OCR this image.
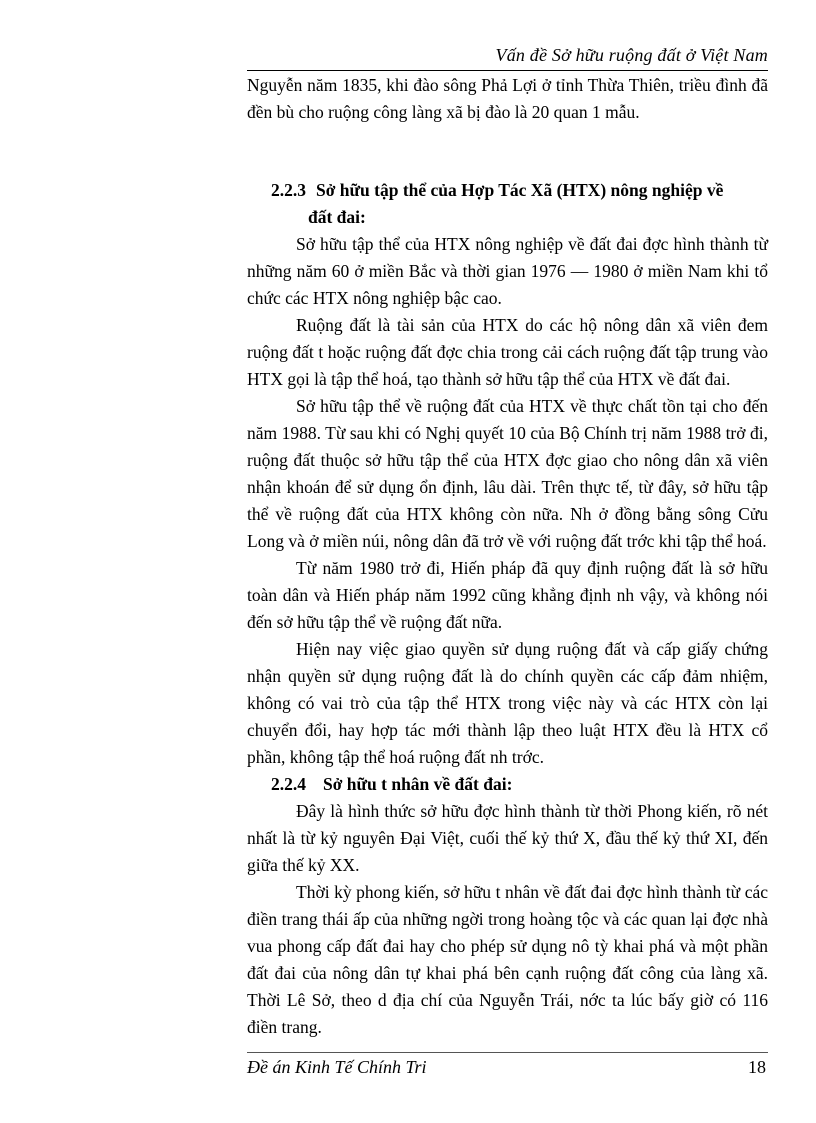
Vấn đề Sở hữu ruộng đất ở Việt Nam

Nguyễn năm 1835, khi đào sông Phả Lợi ở tỉnh Thừa Thiên, triều đình đã đền bù cho ruộng công làng xã bị đào là 20 quan 1 mẫu.

2.2.3 Sở hữu tập thể của Hợp Tác Xã (HTX) nông nghiệp về

đất đai:

Sở hữu tập thể của HTX nông nghiệp về đất đai đợc hình thành từ những năm 60 ở miền Bắc và thời gian 1976 — 1980 ở miền Nam khi tổ chức các HTX nông nghiệp bậc cao.

Ruộng đất là tài sản của HTX do các hộ nông dân xã viên đem ruộng đất t hoặc ruộng đất đợc chia trong cải cách ruộng đất tập trung vào HTX gọi là tập thể hoá, tạo thành sở hữu tập thể của HTX về đất đai.

Sở hữu tập thể về ruộng đất của HTX về thực chất tồn tại cho đến năm 1988. Từ sau khi có Nghị quyết 10 của Bộ Chính trị năm 1988 trở đi, ruộng đất thuộc sở hữu tập thể của HTX đợc giao cho nông dân xã viên nhận khoán để sử dụng ổn định, lâu dài. Trên thực tế, từ đây, sở hữu tập thể về ruộng đất của HTX không còn nữa. Nh ở đồng bằng sông Cửu Long và ở miền núi, nông dân đã trở về với ruộng đất trớc khi tập thể hoá.

Từ năm 1980 trở đi, Hiến pháp đã quy định ruộng đất là sở hữu toàn dân và Hiến pháp năm 1992 cũng khẳng định nh vậy, và không nói đến sở hữu tập thể về ruộng đất nữa.

Hiện nay việc giao quyền sử dụng ruộng đất và cấp giấy chứng nhận quyền sử dụng ruộng đất là do chính quyền các cấp đảm nhiệm, không có vai trò của tập thể HTX trong việc này và các HTX còn lại chuyển đổi, hay hợp tác mới thành lập theo luật HTX đều là HTX cổ phần, không tập thể hoá ruộng đất nh trớc.

2.2.4 Sở hữu t nhân về đất đai:

Đây là hình thức sở hữu đợc hình thành từ thời Phong kiến, rõ nét nhất là từ kỷ nguyên Đại Việt, cuối thế kỷ thứ X, đầu thế kỷ thứ XI, đến giữa thế kỷ XX.

Thời kỳ phong kiến, sở hữu t nhân về đất đai đợc hình thành từ các điền trang thái ấp của những ngời trong hoàng tộc và các quan lại đợc nhà vua phong cấp đất đai hay cho phép sử dụng nô tỳ khai phá và một phần đất đai của nông dân tự khai phá bên cạnh ruộng đất công của làng xã. Thời Lê Sở, theo d địa chí của Nguyễn Trái, nớc ta lúc bấy giờ có 116 điền trang.

Đề án Kinh Tế Chính Tri	18
